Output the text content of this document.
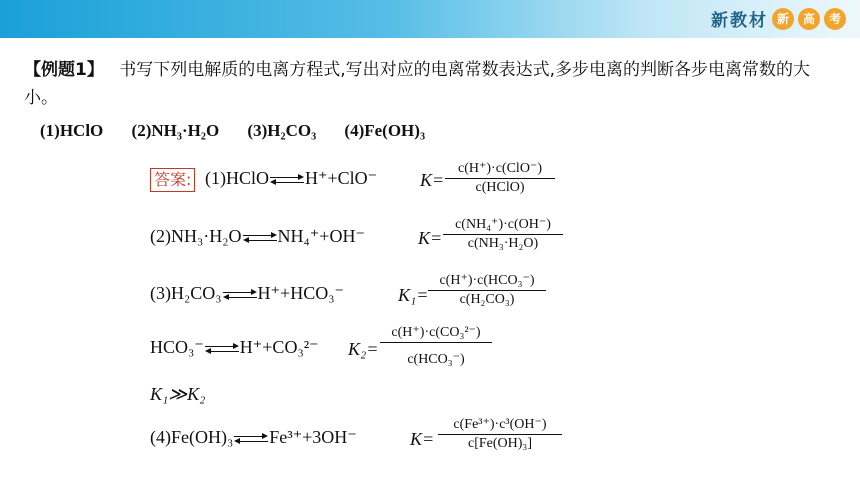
新教材 新	高	考
【例题1】 书写下列电解质的电离方程式,写出对应的电离常数表达式,多步电离的判断各步电离常数的大小。
(1)HClO (2)NH₃·H₂O (3)H₂CO₃ (4)Fe(OH)₃
答案: (1)HClO H⁺+ClO⁻ K=
c(H⁺)·c(ClO⁻)
c(HClO)
(2)NH₃·H₂O NH₄⁺+OH⁻	$K= \frac{\text{c(NH₄⁺)·c(OH⁻)}}{\text{c(NH₃·H₂O)}}$
(3)H₂CO₃ H⁺+HCO₃⁻	K₁=
c(H⁺)·c(HCO₃⁻)
c(H₂CO₃)
HCO₃⁻ H⁺+CO₃²⁻ K₂=
c(H⁺)·c(CO₃²⁻)
c(HCO₃⁻)
K₁≫K₂
(4)Fe(OH)₃ Fe³⁺+3OH⁻	$K= \frac{\text{c(Fe³⁺)·c³(OH⁻)}}{\text{c[Fe(OH)₃]}}$
